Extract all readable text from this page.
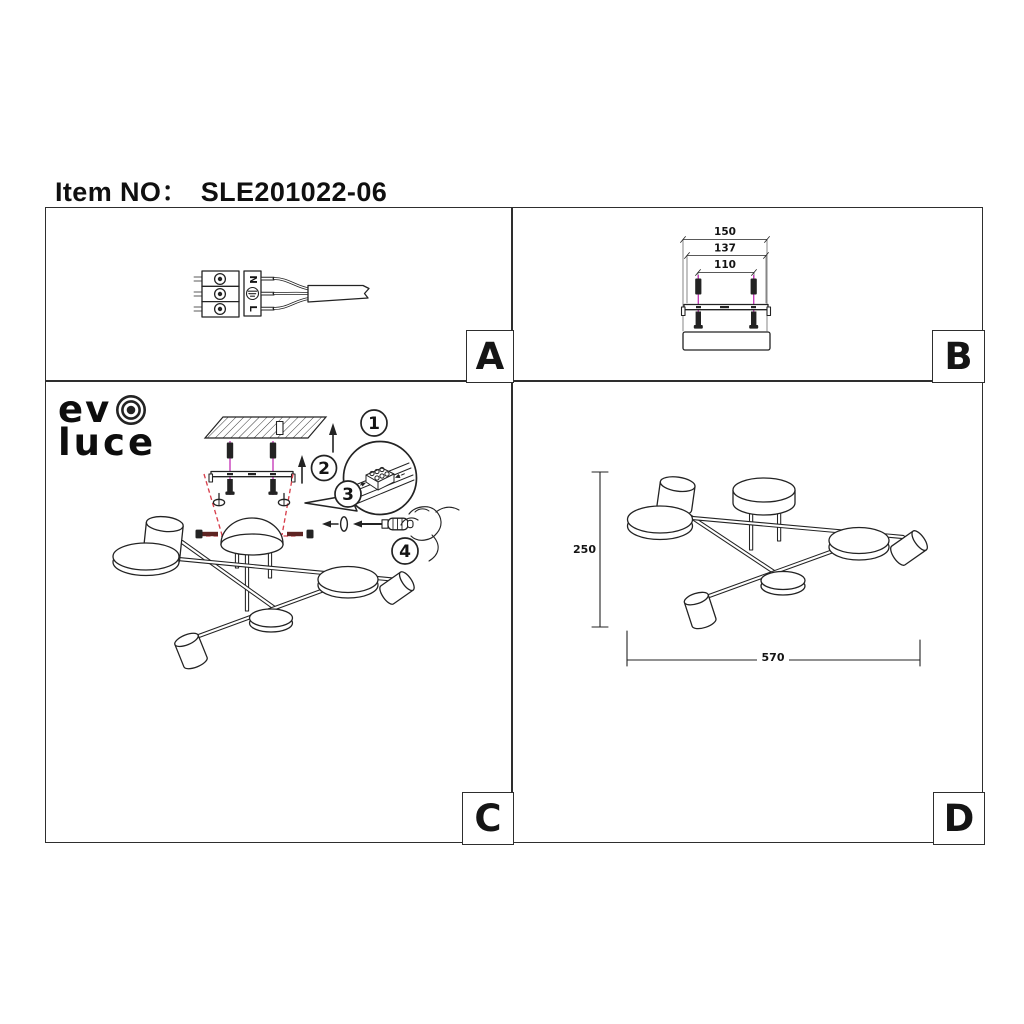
Item NO： SLE201022-06
A	B
C	D
ev
luce
N
L
150
137
110
1
2
3
4	250
570
